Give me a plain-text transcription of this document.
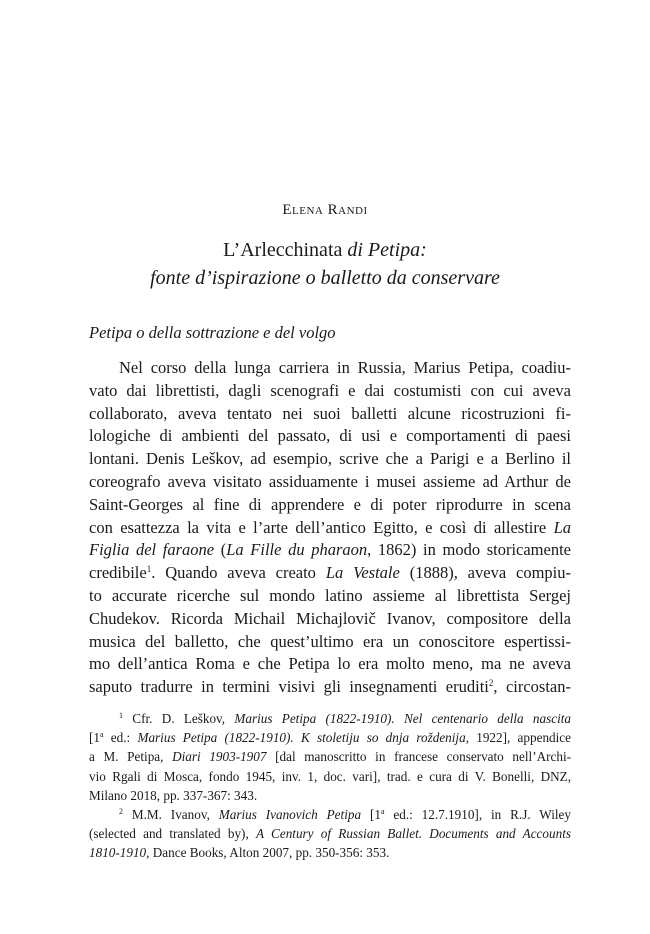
Elena Randi
L’Arlecchinata di Petipa:
fonte d’ispirazione o balletto da conservare
Petipa o della sottrazione e del volgo
Nel corso della lunga carriera in Russia, Marius Petipa, coadiu-
vato dai librettisti, dagli scenografi e dai costumisti con cui aveva
collaborato, aveva tentato nei suoi balletti alcune ricostruzioni fi-
lologiche di ambienti del passato, di usi e comportamenti di paesi
lontani. Denis Leškov, ad esempio, scrive che a Parigi e a Berlino il
coreografo aveva visitato assiduamente i musei assieme ad Arthur de
Saint-Georges al fine di apprendere e di poter riprodurre in scena
con esattezza la vita e l’arte dell’antico Egitto, e così di allestire La
Figlia del faraone (La Fille du pharaon, 1862) in modo storicamente
credibile$^1$. Quando aveva creato La Vestale (1888), aveva compiu-
to accurate ricerche sul mondo latino assieme al librettista Sergej
Chudekov. Ricorda Michail Michajlovič Ivanov, compositore della
musica del balletto, che quest’ultimo era un conoscitore espertissi-
mo dell’antica Roma e che Petipa lo era molto meno, ma ne aveva
saputo tradurre in termini visivi gli insegnamenti eruditi$^2$, circostan-
$^1$ Cfr. D. Leškov, Marius Petipa (1822-1910). Nel centenario della nascita
[1$^a$ ed.: Marius Petipa (1822-1910). K stoletiju so dnja roždenija, 1922], appendice
a M. Petipa, Diari 1903-1907 [dal manoscritto in francese conservato nell’Archi-
vio Rgali di Mosca, fondo 1945, inv. 1, doc. vari], trad. e cura di V. Bonelli, DNZ,
Milano 2018, pp. 337-367: 343.
$^2$ M.M. Ivanov, Marius Ivanovich Petipa [1$^a$ ed.: 12.7.1910], in R.J. Wiley
(selected and translated by), A Century of Russian Ballet. Documents and Accounts
1810-1910, Dance Books, Alton 2007, pp. 350-356: 353.
